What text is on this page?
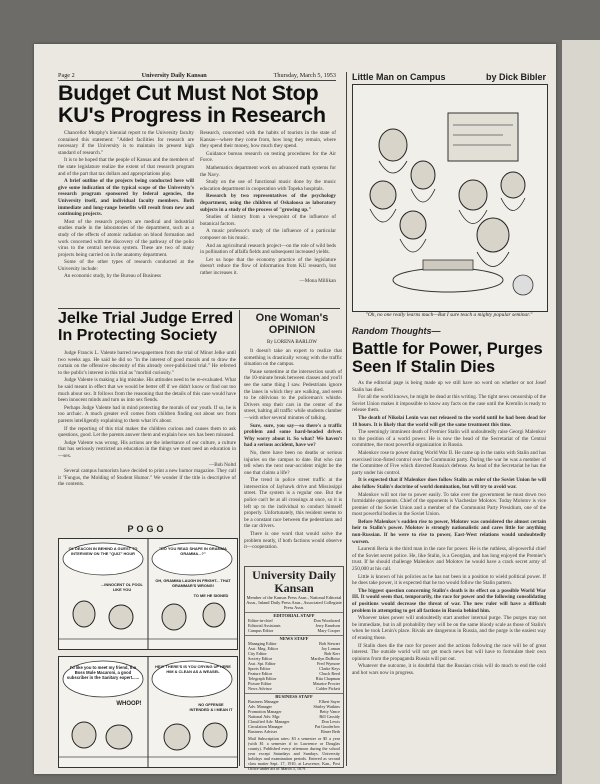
Page 2	University Daily Kansan	Thursday, March 5, 1953
Budget Cut Must Not Stop KU's Progress in Research

Chancellor Murphy's biennial report to the University faculty contained this statement: "Added facilities for research are necessary if the University is to maintain its present high standard of research."

It is to be hoped that the people of Kansas and the members of the state legislature realize the extent of that research program and of the part that tax dollars and appropriations play.

A brief outline of the projects being conducted here will give some indication of the typical scope of the University's research program sponsored by federal agencies, the University itself, and individual faculty members. Both immediate and long-range benefits will result from new and continuing projects.

Most of the research projects are medical and industrial studies made in the laboratories of the department, such as a study of the effects of atomic radiation on blood formation and work concerned with the discovery of the pathway of the polio virus to the central nervous system. These are two of many projects being carried on in the anatomy department.

Some of the other types of research conducted at the University include:

An economic study, by the Bureau of Business

Research, concerned with the habits of tourists in the state of Kansas—where they come from, how long they remain, where they spend their money, how much they spend.

Guidance bureau research on testing procedures for the Air Force.

Mathematics department work on advanced math systems for the Navy.

Study on the use of functional music done by the music education department in cooperation with Topeka hospitals.

Research by two representatives of the psychology department, using the children of Oskaloosa as laboratory subjects in a study of the process of "growing up."

Studies of history from a viewpoint of the influence of botanical factors.

A music professor's study of the influence of a particular composer on his music.

And an agricultural research project—on the role of wild beds in pollination of alfalfa fields and subsequent increased yields.

Let us hope that the economy practice of the legislature doesn't reduce the flow of information from KU research, but rather increases it.

—Mona Millikan
Little Man on Campus	by Dick Bibler
"Oh, no one really learns much—But I sure teach a mighty popular seminar."
Jelke Trial Judge Erred In Protecting Society

Judge Francis L. Valente barred newspapermen from the trial of Minot Jelke until two weeks ago. He said he did so "in the interest of good morals and to draw the curtain on the offensive obscenity of this already over-publicized trial." He referred to the public's interest in this trial as "morbid curiosity."

Judge Valente is making a big mistake. His attitudes need to be re-evaluated. What he said meant in effect that we would be better off if we didn't know or find out too much about sex. It follows from the reasoning that the details of this case would have been innocent minds and turn us into sex fiends.

Perhaps Judge Valente had in mind protecting the morals of our youth. If so, he is too archaic. A much greater evil comes from children finding out about sex from parents intelligently explaining to them what it's about.

If the reporting of this trial makes the children curious and causes them to ask questions, good. Let the parents answer them and explain how sex has been misused.

Judge Valente was wrong. His actions are the inheritance of our culture, a culture that has seriously restricted an education in the things we most need an education in—sex.

—Bob Noltd

Several campus humorists have decided to print a new humor magazine. They call it "Fungus, the Molding of Student Humor." We wonder if the title is descriptive of the contents.

One Woman's OPINION
By LORENA BARLOW

It doesn't take an expert to realize that something is drastically wrong with the traffic situation on the campus.

Pause sometime at the intersection south of the 10-minute break between classes and you'll see the same thing I saw. Pedestrians ignore the lanes in which they are walking, and seem to be oblivious to the policeman's whistle. Drivers stop their cars in the center of the street, halting all traffic while students clamber—with other several minutes of talking.

Sure, sure, you say—so there's a traffic problem and some hard-headed driver. Why worry about it. So what? We haven't had a serious accident, have we?

No, there have been no deaths or serious injuries on the campus to date. But who can tell when the next near-accident might be the one that claims a life?

The trend in police street traffic at the intersection of Jayhawk drive and Mississippi street. The system is a regular one. But the police can't be at all crossings at once, so it is left up to the individual to conduct himself properly. Unfortunately, this resident seems to be a constant race between the pedestrians and the car drivers.

There is one word that would solve the problem neatly, if both factions would observe it—cooperation.

Random Thoughts—
Battle for Power, Purges Seen If Stalin Dies

As the editorial page is being made up we still have no word on whether or not Josef Stalin has died.

For all the world knows, he might be dead at this writing. The tight news censorship of the Soviet Union makes it impossible to know any facts on the case until the Kremlin is ready to release them.

The death of Nikolai Lenin was not released to the world until he had been dead for 18 hours. It is likely that the world will get the same treatment this time.

The seemingly imminent death of Premier Stalin will undoubtedly raise Georgi Malenkov to the position of a world power. He is now the head of the Secretariat of the Central committee, the most powerful organization in Russia.

Malenkov rose to power during World War II. He came up in the ranks with Stalin and has exercised iron-fisted control over the Communist party. During the war he was a member of the Committee of Five which directed Russia's defense. As head of the Secretariat he has the party under his control.

It is expected that if Malenkov does follow Stalin as ruler of the Soviet Union he will also follow Stalin's doctrine of world domination, but will try to avoid war.

Malenkov will not rise to power easily. To take over the government he must down two formidable opponents. Chief of the opponents is Viacheslav Molotov. Today Molotov is vice premier of the Soviet Union and a member of the Communist Party Presidium, one of the most powerful bodies in the Soviet Union.

Before Malenkov's sudden rise to power, Molotov was considered the almost certain heir to Stalin's power. Molotov is strongly nationalistic and cares little for anything non-Russian. If he were to rise to power, East-West relations would undoubtedly worsen.

Laurenti Beria is the third man in the race for power. He is the ruthless, all-powerful chief of the Soviet secret police. He, like Stalin, is a Georgian, and has long enjoyed the Premier's trust. If he should challenge Malenkov and Molotov he would have a crack secret army of 250,000 at his call.

Little is known of his policies as he has not been in a position to wield political power. If he does take power, it is expected that he too would follow the Stalin pattern.

The biggest question concerning Stalin's death is its effect on a possible World War III. It would seem that, temporarily, the race for power and the following consolidating of positions would decrease the threat of war. The new ruler will have a difficult problem in attempting to get all factions in Russia behind him.

Whoever takes power will undoubtedly start another internal purge. The purges may not be immediate, but in all probability they will be on the same bloody scale as those of Stalin's when he took Lenin's place. Rivals are dangerous in Russia, and the purge is the easiest way of erasing those.

If Stalin does die the race for power and the actions following the race will be of great interest. The outside world will not get much news but will have to formulate their own opinions from the propaganda Russia will put out.

Whatever the outcome, it is doubtful that the Russian crisis will do much to end the cold and hot wars now in progress.

POGO
OL DEACON IN BEHIND A GUEST TO INTERVIEW ON THE "QUIZ" HOUR
...INNOCENT OL FOOL LIKE YOU
"DO YOU READ SHAPE IN GRAMMA GRAMMA...?"
OH, GRAMMA LAUGH IN FRIGHT... THAT GRAMMAR'S WRONG!
TO ME HE SIGNED
I'd like you to meet my friend, the Boss Mule Macaroni, a good subscriber in the Sanitary expert......
WHOOP!
HEY! THERE'S IS YOU CRYING UP HERE HIM & CLEAN AS A WEASEL
NO OFFENSE INTENDED & I MEAN IT
University Daily Kansan
Member of the Kansas Press Assn., National Editorial Assn., Inland Daily Press Assn., Associated Collegiate Press Assn.
EDITORIAL STAFF
Editor-in-chief	Don Woodward
Editorial Assistants	Jerry Knudson
Campus Editor	Mary Cooper
NEWS STAFF
Managing Editor	Bob Stewart
Asst. Mng. Editor	Joy Loman
City Editor	Bob Kerr
Society Editor	Marilyn DuBoise
Asst. Spt. Editor	Fred Wymore
Sports Editor	Clarke Keys
Feature Editor	Chuck Reed
Telegraph Editor	Rita Chapman
Picture Editor	Maurice Procter
News Advisor	Calder Pickett
BUSINESS STAFF
Business Manager	Elbert Sayre
Adv. Manager	Shirley Watkins
Promotion Manager	Betty Vance
National Adv. Mgr.	Bill Cassidy
Classified Adv. Manager	Don Lewis
Circulation Manager	Pat Gooderlow
Business Adviser	Elmer Beth
Mail Subscription rates: $3 a semester or $5 a year (with $1 a semester if in Lawrence or Douglas county). Published every afternoon during the school year except Saturdays and Sundays. University holidays and examination periods. Entered as second class matter Sept. 17, 1910, at Lawrence, Kan., Post Office under act of March 3, 1879.
